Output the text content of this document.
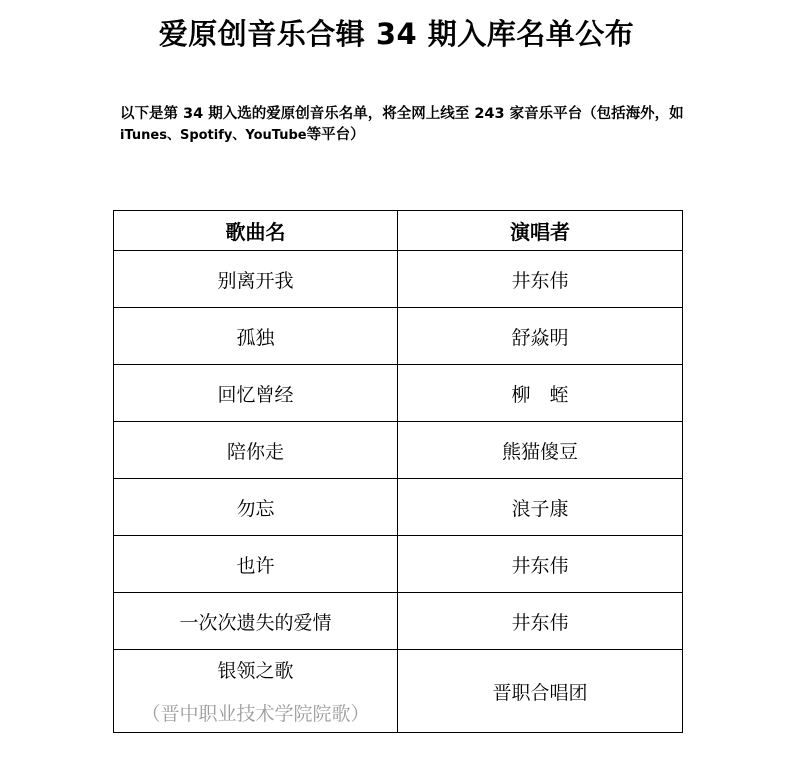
爱原创音乐合辑 34 期入库名单公布
以下是第 34 期入选的爱原创音乐名单，将全网上线至 243 家音乐平台（包括海外，如 iTunes、Spotify、YouTube等平台）
歌曲名	演唱者
别离开我	井东伟
孤独	舒焱明
回忆曾经	柳　蛭
陪你走	熊猫傻豆
勿忘	浪子康
也许	井东伟
一次次遗失的爱情	井东伟
银领之歌
（晋中职业技术学院院歌）	晋职合唱团
